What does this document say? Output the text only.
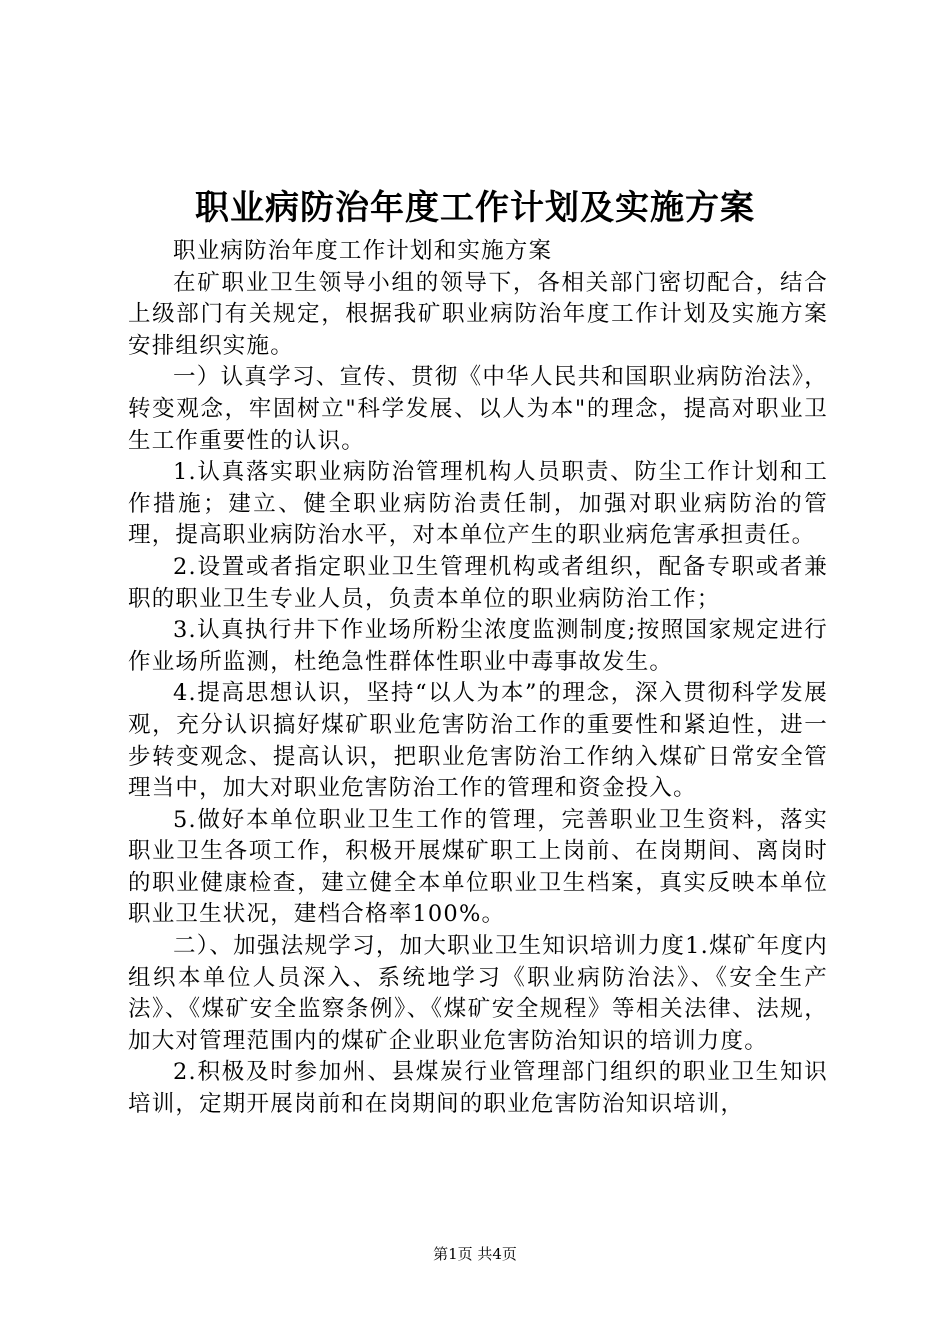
职业病防治年度工作计划及实施方案

职业病防治年度工作计划和实施方案

在矿职业卫生领导小组的领导下，各相关部门密切配合，结合上级部门有关规定，根据我矿职业病防治年度工作计划及实施方案安排组织实施。

一）认真学习、宣传、贯彻《中华人民共和国职业病防治法》，转变观念，牢固树立"科学发展、以人为本"的理念，提高对职业卫生工作重要性的认识。

1.认真落实职业病防治管理机构人员职责、防尘工作计划和工作措施；建立、健全职业病防治责任制，加强对职业病防治的管理，提高职业病防治水平，对本单位产生的职业病危害承担责任。

2.设置或者指定职业卫生管理机构或者组织，配备专职或者兼职的职业卫生专业人员，负责本单位的职业病防治工作；

3.认真执行井下作业场所粉尘浓度监测制度;按照国家规定进行作业场所监测，杜绝急性群体性职业中毒事故发生。

4.提高思想认识，坚持“以人为本”的理念，深入贯彻科学发展观，充分认识搞好煤矿职业危害防治工作的重要性和紧迫性，进一步转变观念、提高认识，把职业危害防治工作纳入煤矿日常安全管理当中，加大对职业危害防治工作的管理和资金投入。

5.做好本单位职业卫生工作的管理，完善职业卫生资料，落实职业卫生各项工作，积极开展煤矿职工上岗前、在岗期间、离岗时的职业健康检查，建立健全本单位职业卫生档案，真实反映本单位职业卫生状况，建档合格率100%。

二）、加强法规学习，加大职业卫生知识培训力度1.煤矿年度内组织本单位人员深入、系统地学习《职业病防治法》、《安全生产法》、《煤矿安全监察条例》、《煤矿安全规程》等相关法律、法规，加大对管理范围内的煤矿企业职业危害防治知识的培训力度。

2.积极及时参加州、县煤炭行业管理部门组织的职业卫生知识培训，定期开展岗前和在岗期间的职业危害防治知识培训，

第1页 共4页
